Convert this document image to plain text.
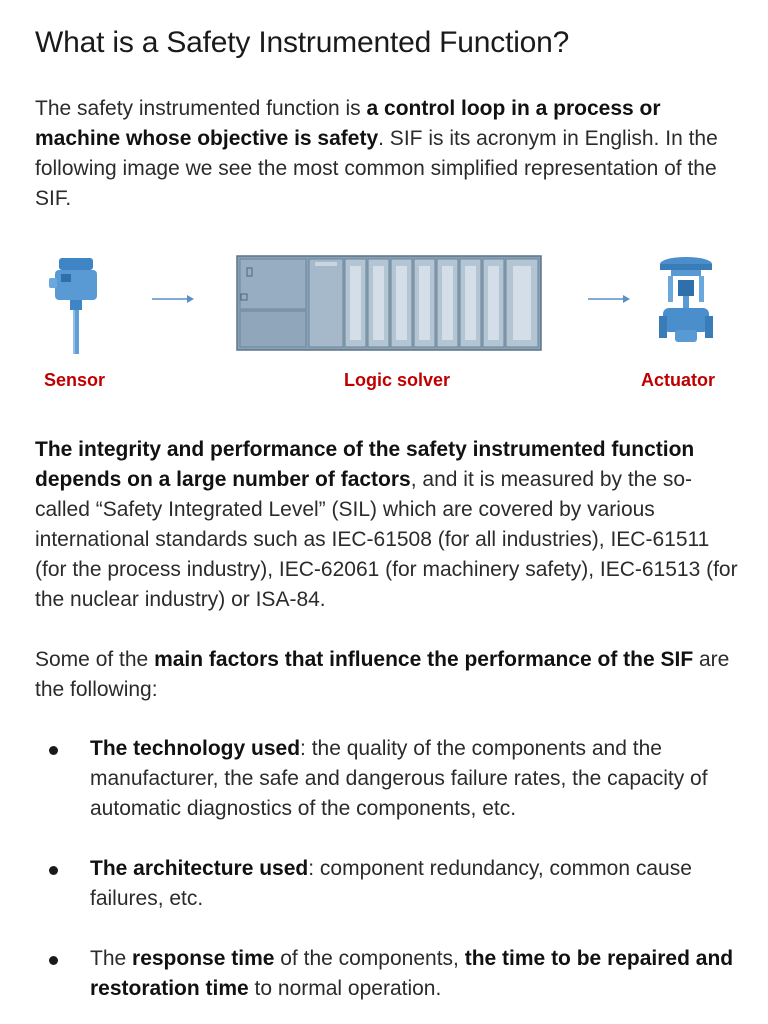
What is a Safety Instrumented Function?

The safety instrumented function is a control loop in a process or machine whose objective is safety. SIF is its acronym in English. In the following image we see the most common simplified representation of the SIF.

Sensor	Logic solver	Actuator

The integrity and performance of the safety instrumented function depends on a large number of factors, and it is measured by the so-called “Safety Integrated Level” (SIL) which are covered by various international standards such as IEC-61508 (for all industries), IEC-61511 (for the process industry), IEC-62061 (for machinery safety), IEC-61513 (for the nuclear industry) or ISA-84.

Some of the main factors that influence the performance of the SIF are the following:

The technology used: the quality of the components and the manufacturer, the safe and dangerous failure rates, the capacity of automatic diagnostics of the components, etc.
The architecture used: component redundancy, common cause failures, etc.
The response time of the components, the time to be repaired and restoration time to normal operation.
